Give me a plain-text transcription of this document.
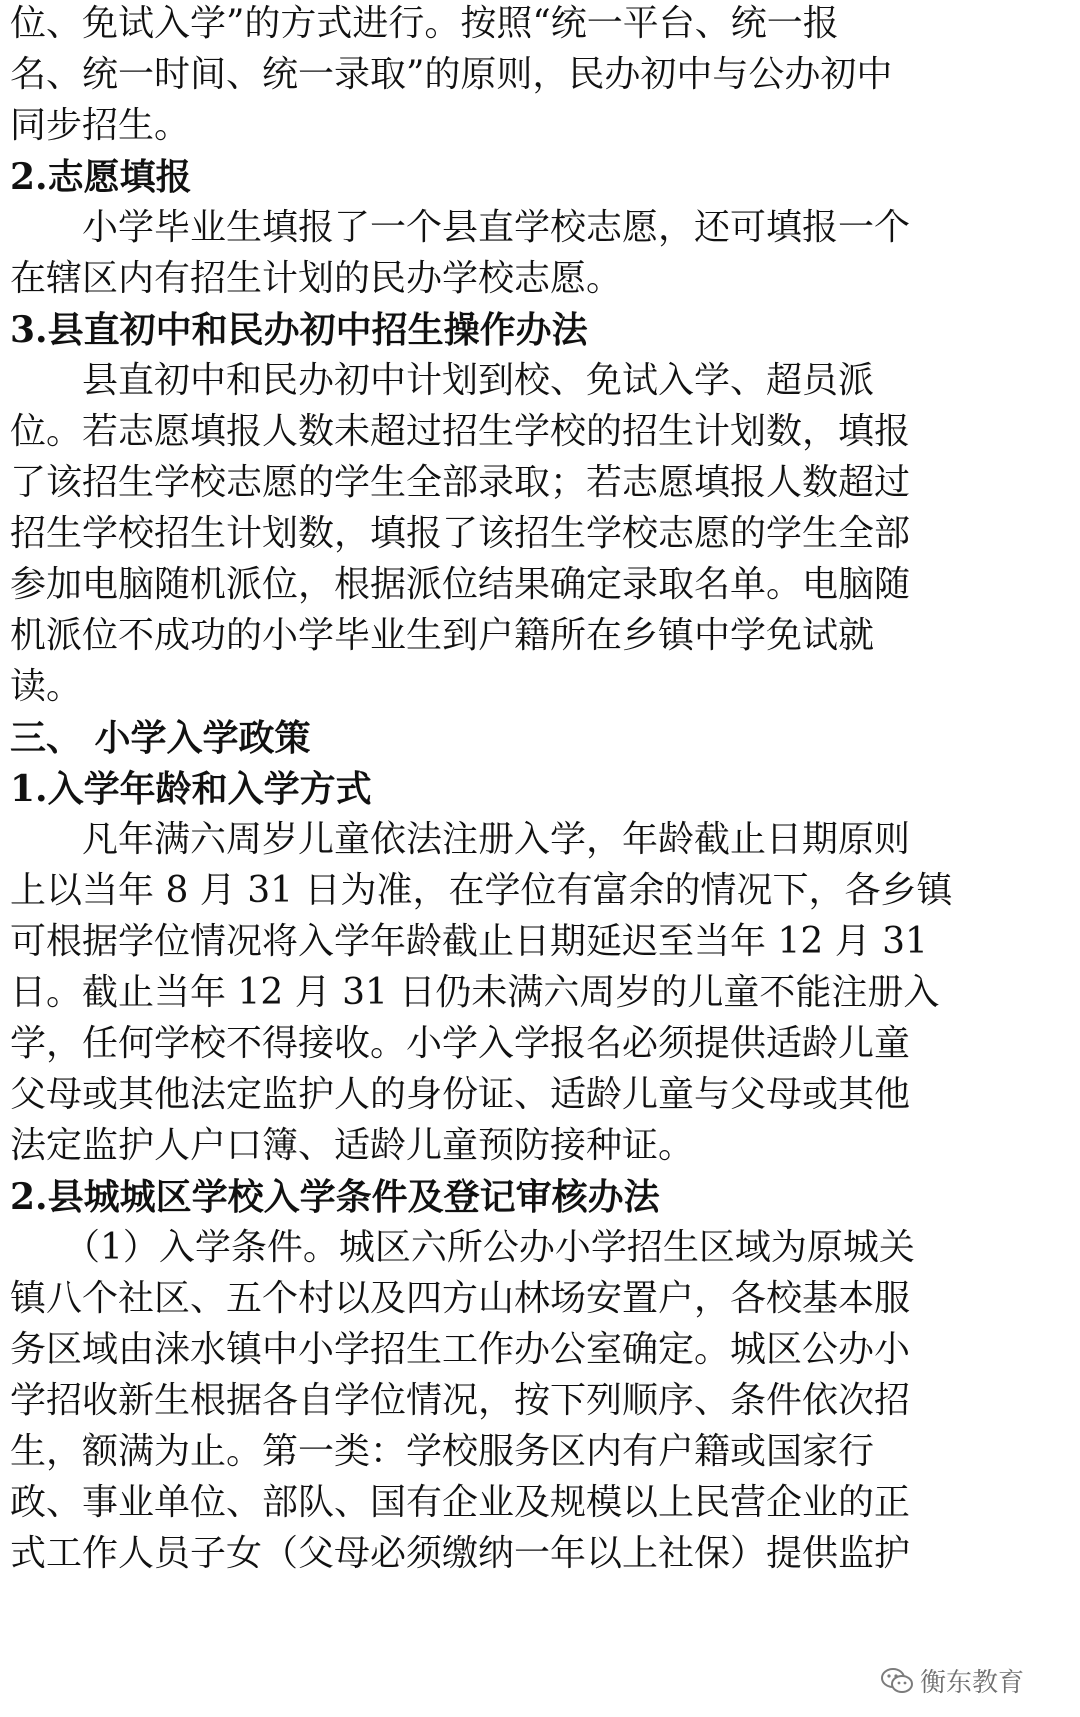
位、免试入学”的方式进行。按照“统一平台、统一报
名、统一时间、统一录取”的原则，民办初中与公办初中
同步招生。
2.志愿填报
　　小学毕业生填报了一个县直学校志愿，还可填报一个
在辖区内有招生计划的民办学校志愿。
3.县直初中和民办初中招生操作办法
　　县直初中和民办初中计划到校、免试入学、超员派
位。若志愿填报人数未超过招生学校的招生计划数，填报
了该招生学校志愿的学生全部录取；若志愿填报人数超过
招生学校招生计划数，填报了该招生学校志愿的学生全部
参加电脑随机派位，根据派位结果确定录取名单。电脑随
机派位不成功的小学毕业生到户籍所在乡镇中学免试就
读。
三、 小学入学政策
1.入学年龄和入学方式
　　凡年满六周岁儿童依法注册入学，年龄截止日期原则
上以当年 8 月 31 日为准，在学位有富余的情况下，各乡镇
可根据学位情况将入学年龄截止日期延迟至当年 12 月 31
日。截止当年 12 月 31 日仍未满六周岁的儿童不能注册入
学，任何学校不得接收。小学入学报名必须提供适龄儿童
父母或其他法定监护人的身份证、适龄儿童与父母或其他
法定监护人户口簿、适龄儿童预防接种证。
2.县城城区学校入学条件及登记审核办法
　　（1）入学条件。城区六所公办小学招生区域为原城关
镇八个社区、五个村以及四方山林场安置户，各校基本服
务区域由涞水镇中小学招生工作办公室确定。城区公办小
学招收新生根据各自学位情况，按下列顺序、条件依次招
生，额满为止。第一类：学校服务区内有户籍或国家行
政、事业单位、部队、国有企业及规模以上民营企业的正
式工作人员子女（父母必须缴纳一年以上社保）提供监护
衡东教育
